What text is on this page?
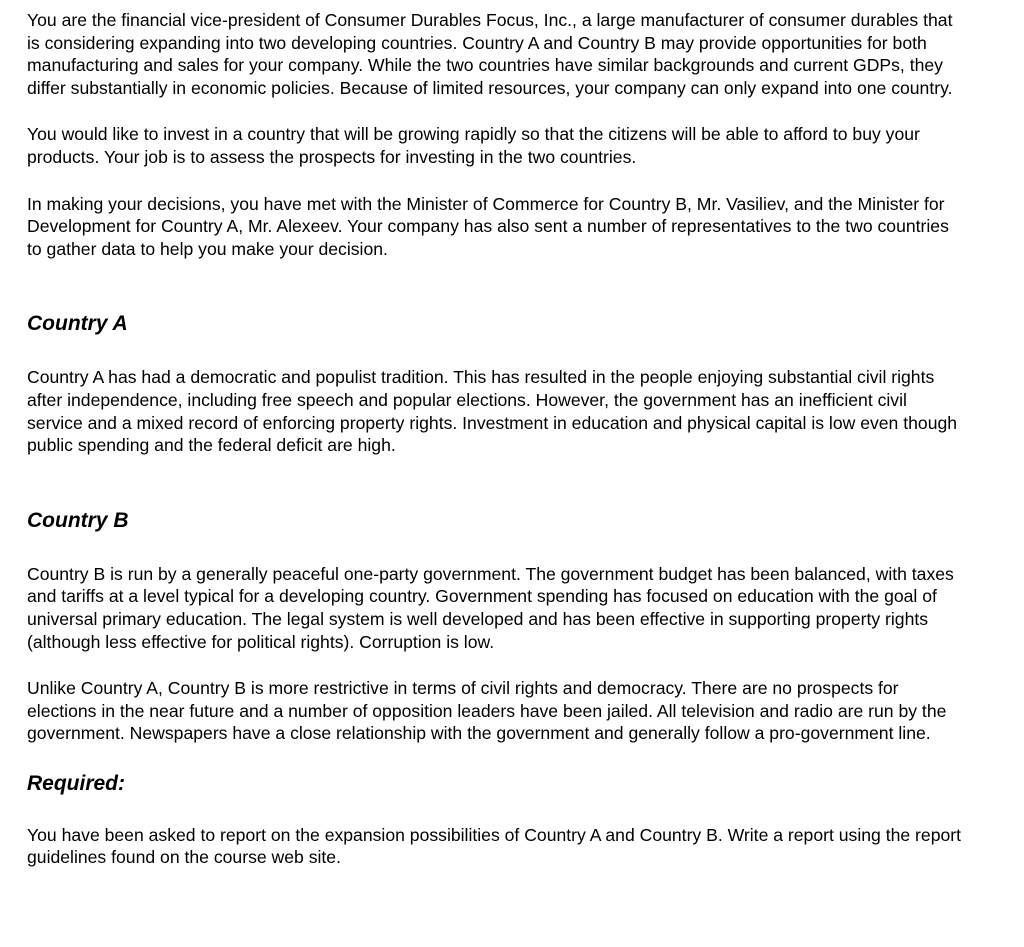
You are the financial vice-president of Consumer Durables Focus, Inc., a large manufacturer of consumer durables that is considering expanding into two developing countries. Country A and Country B may provide opportunities for both manufacturing and sales for your company. While the two countries have similar backgrounds and current GDPs, they differ substantially in economic policies. Because of limited resources, your company can only expand into one country.

You would like to invest in a country that will be growing rapidly so that the citizens will be able to afford to buy your products. Your job is to assess the prospects for investing in the two countries.

In making your decisions, you have met with the Minister of Commerce for Country B, Mr. Vasiliev, and the Minister for Development for Country A, Mr. Alexeev. Your company has also sent a number of representatives to the two countries to gather data to help you make your decision.

Country A

Country A has had a democratic and populist tradition. This has resulted in the people enjoying substantial civil rights after independence, including free speech and popular elections. However, the government has an inefficient civil service and a mixed record of enforcing property rights. Investment in education and physical capital is low even though public spending and the federal deficit are high.

Country B

Country B is run by a generally peaceful one-party government. The government budget has been balanced, with taxes and tariffs at a level typical for a developing country. Government spending has focused on education with the goal of universal primary education. The legal system is well developed and has been effective in supporting property rights (although less effective for political rights). Corruption is low.

Unlike Country A, Country B is more restrictive in terms of civil rights and democracy. There are no prospects for elections in the near future and a number of opposition leaders have been jailed. All television and radio are run by the government. Newspapers have a close relationship with the government and generally follow a pro-government line.

Required:

You have been asked to report on the expansion possibilities of Country A and Country B. Write a report using the report guidelines found on the course web site.
